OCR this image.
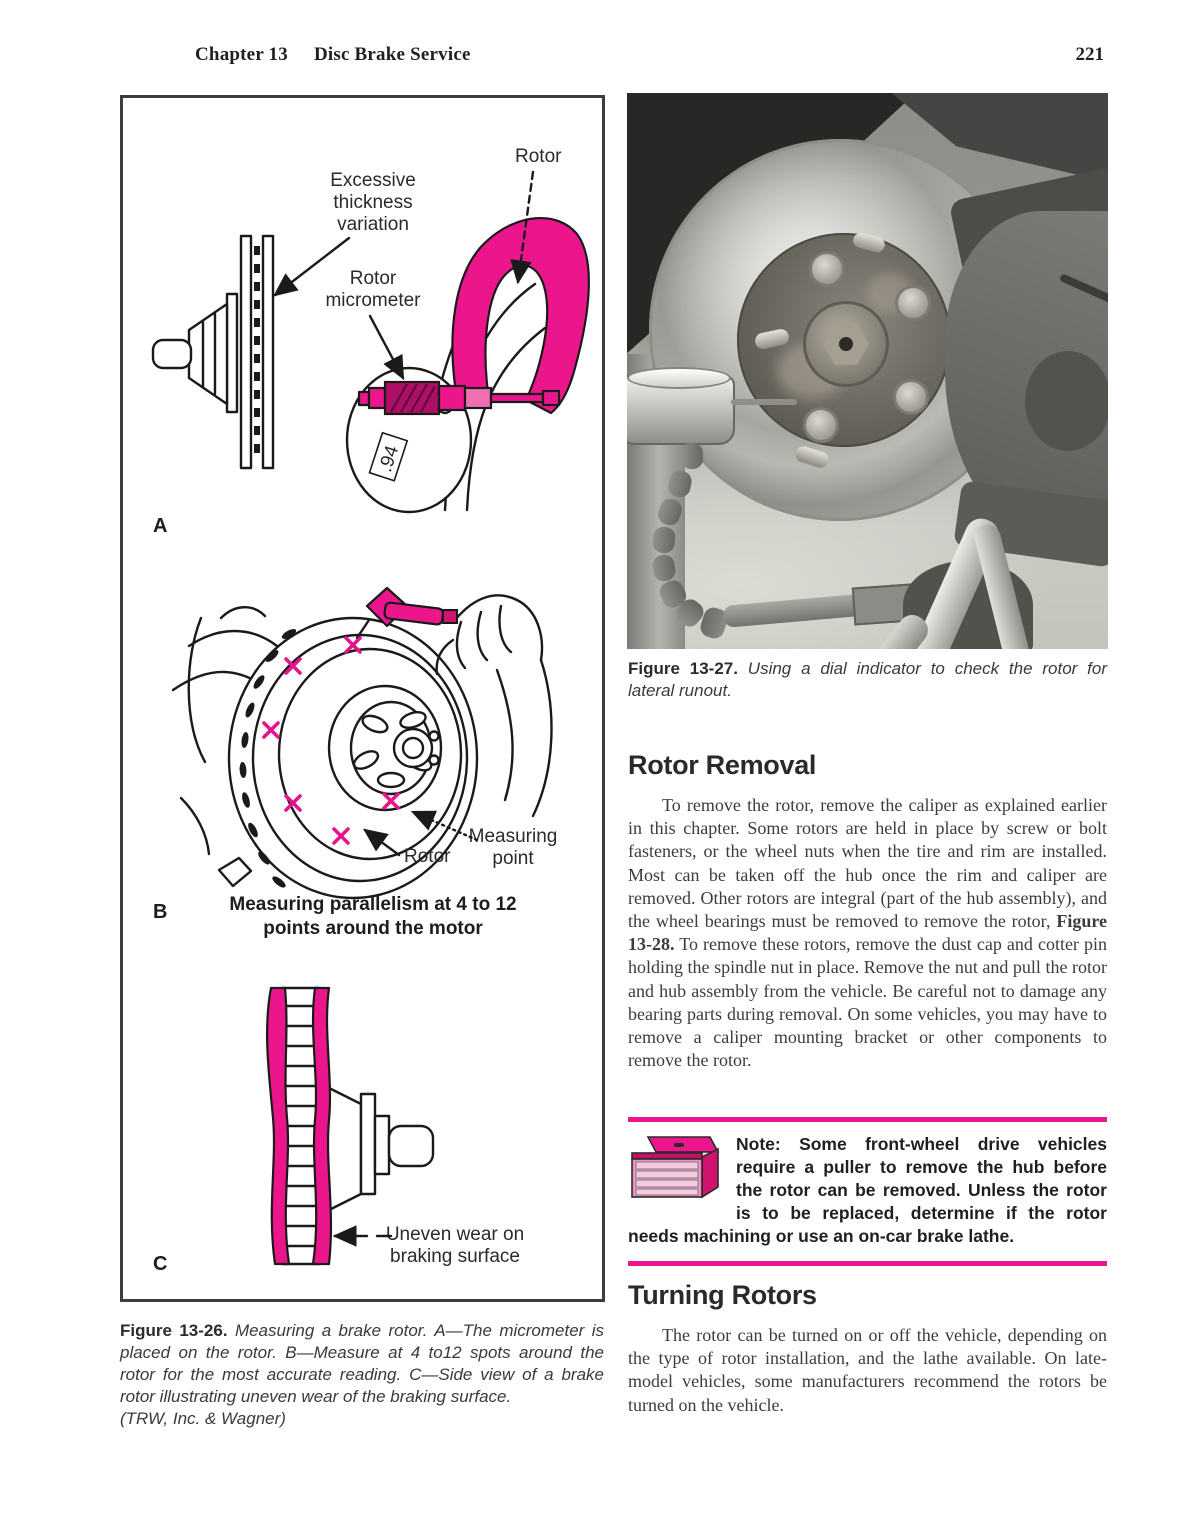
Chapter 13 Disc Brake Service	221
.94
Excessive
thickness
variation
Rotor
micrometer
Rotor
A
Rotor
Measuring
point
Measuring parallelism at 4 to 12
points around the motor
B
Uneven wear on
braking surface
C
Figure 13-26. Measuring a brake rotor. A—The micrometer is placed on the rotor. B—Measure at 4 to12 spots around the rotor for the most accurate reading. C—Side view of a brake rotor illustrating uneven wear of the braking surface.
(TRW, Inc. & Wagner)
Figure 13-27. Using a dial indicator to check the rotor for lateral runout.
Rotor Removal

To remove the rotor, remove the caliper as explained earlier in this chapter. Some rotors are held in place by screw or bolt fasteners, or the wheel nuts when the tire and rim are installed. Most can be taken off the hub once the rim and caliper are removed. Other rotors are integral (part of the hub assembly), and the wheel bearings must be removed to remove the rotor, Figure 13-28. To remove these rotors, remove the dust cap and cotter pin holding the spindle nut in place. Remove the nut and pull the rotor and hub assembly from the vehicle. Be careful not to damage any bearing parts during removal. On some vehicles, you may have to remove a caliper mounting bracket or other components to remove the rotor.

Note: Some front-wheel drive vehicles require a puller to remove the hub before the rotor can be removed. Unless the rotor is to be replaced, determine if the rotor needs machining or use an on-car brake lathe.

Turning Rotors

The rotor can be turned on or off the vehicle, depending on the type of rotor installation, and the lathe available. On late-model vehicles, some manufacturers recommend the rotors be turned on the vehicle.
